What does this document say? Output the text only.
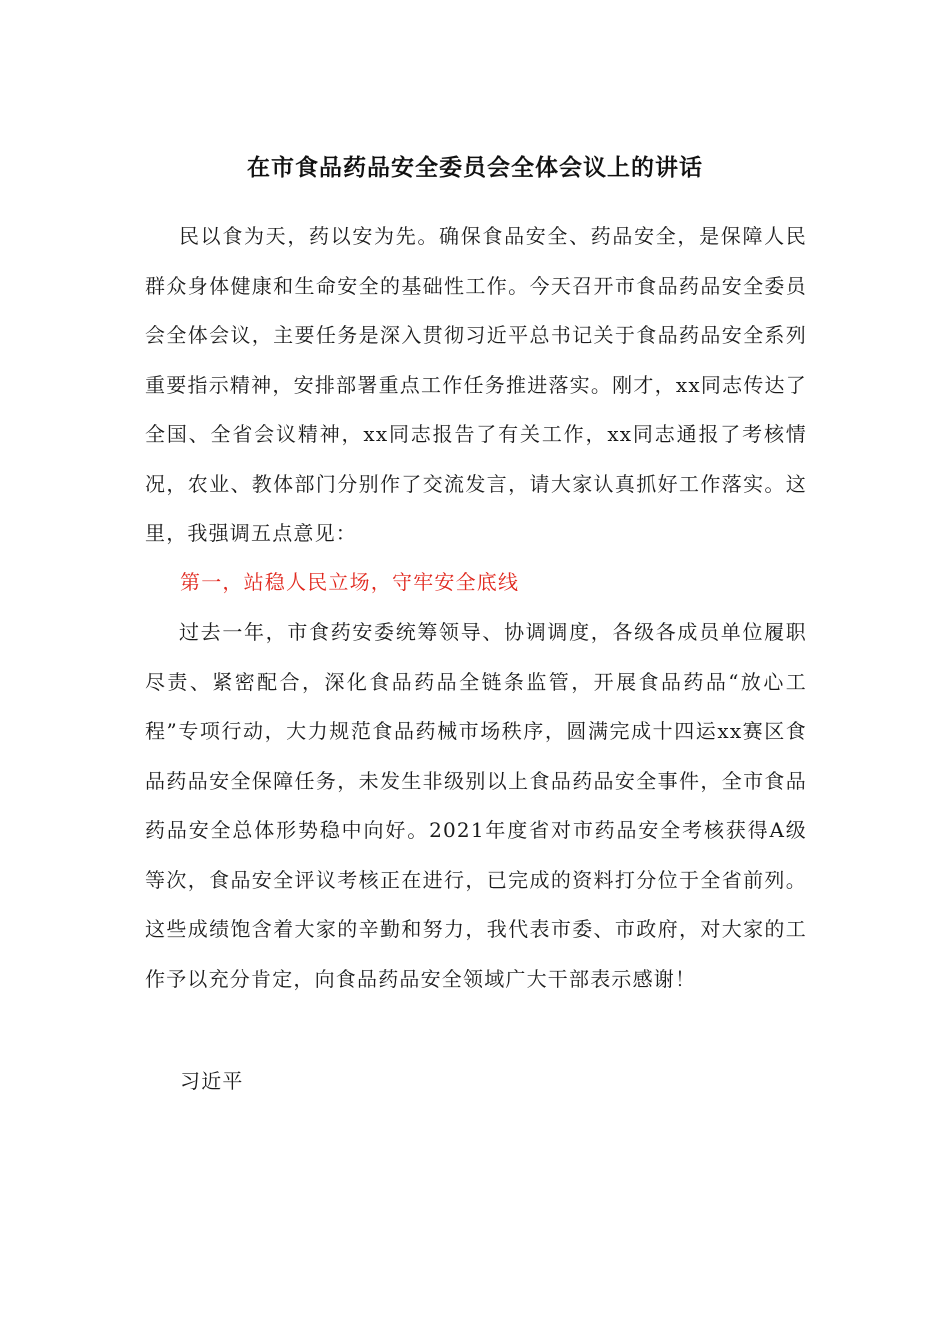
在市食品药品安全委员会全体会议上的讲话

民以食为天，药以安为先。确保食品安全、药品安全，是保障人民群众身体健康和生命安全的基础性工作。今天召开市食品药品安全委员会全体会议，主要任务是深入贯彻习近平总书记关于食品药品安全系列重要指示精神，安排部署重点工作任务推进落实。刚才，xx同志传达了全国、全省会议精神，xx同志报告了有关工作，xx同志通报了考核情况，农业、教体部门分别作了交流发言，请大家认真抓好工作落实。这里，我强调五点意见：

第一，站稳人民立场，守牢安全底线

过去一年，市食药安委统筹领导、协调调度，各级各成员单位履职尽责、紧密配合，深化食品药品全链条监管，开展食品药品“放心工程”专项行动，大力规范食品药械市场秩序，圆满完成十四运xx赛区食品药品安全保障任务，未发生非级别以上食品药品安全事件，全市食品药品安全总体形势稳中向好。2021年度省对市药品安全考核获得A级等次，食品安全评议考核正在进行，已完成的资料打分位于全省前列。这些成绩饱含着大家的辛勤和努力，我代表市委、市政府，对大家的工作予以充分肯定，向食品药品安全领域广大干部表示感谢！

习近平
